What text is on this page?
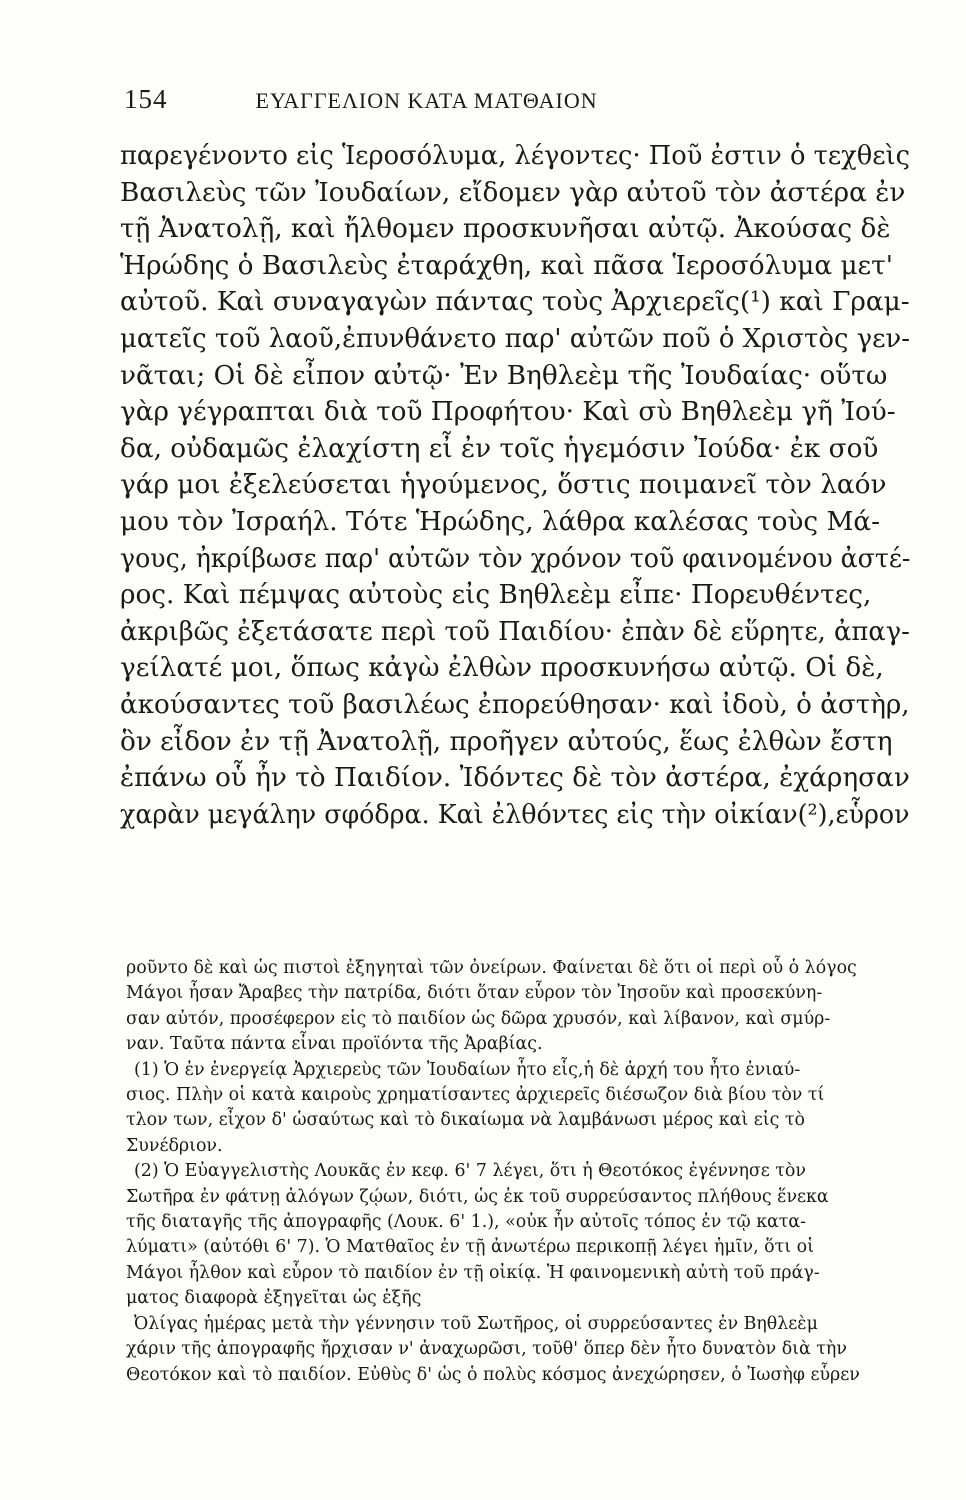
154	ΕΥΑΓΓΕΛΙΟΝ ΚΑΤΑ ΜΑΤΘΑΙΟΝ
παρεγένοντο εἰς Ἱεροσόλυμα, λέγοντες· Ποῦ ἐστιν ὁ τεχθεὶς
Βασιλεὺς τῶν Ἰουδαίων, εἴδομεν γὰρ αὐτοῦ τὸν ἀστέρα ἐν
τῇ Ἀνατολῇ, καὶ ἤλθομεν προσκυνῆσαι αὐτῷ. Ἀκούσας δὲ
Ἡρώδης ὁ Βασιλεὺς ἐταράχθη, καὶ πᾶσα Ἱεροσόλυμα μετ'
αὐτοῦ. Καὶ συναγαγὼν πάντας τοὺς Ἀρχιερεῖς(¹) καὶ Γραμ-
ματεῖς τοῦ λαοῦ,ἐπυνθάνετο παρ' αὐτῶν ποῦ ὁ Χριστὸς γεν-
νᾶται; Οἱ δὲ εἶπον αὐτῷ· Ἐν Βηθλεὲμ τῆς Ἰουδαίας· οὕτω
γὰρ γέγραπται διὰ τοῦ Προφήτου· Καὶ σὺ Βηθλεὲμ γῆ Ἰού-
δα, οὐδαμῶς ἐλαχίστη εἶ ἐν τοῖς ἡγεμόσιν Ἰούδα· ἐκ σοῦ
γάρ μοι ἐξελεύσεται ἡγούμενος, ὅστις ποιμανεῖ τὸν λαόν
μου τὸν Ἰσραήλ. Τότε Ἡρώδης, λάθρα καλέσας τοὺς Μά-
γους, ἠκρίβωσε παρ' αὐτῶν τὸν χρόνον τοῦ φαινομένου ἀστέ-
ρος. Καὶ πέμψας αὐτοὺς εἰς Βηθλεὲμ εἶπε· Πορευθέντες,
ἀκριβῶς ἐξετάσατε περὶ τοῦ Παιδίου· ἐπὰν δὲ εὕρητε, ἀπαγ-
γείλατέ μοι, ὅπως κἀγὼ ἐλθὼν προσκυνήσω αὐτῷ. Οἱ δὲ,
ἀκούσαντες τοῦ βασιλέως ἐπορεύθησαν· καὶ ἰδοὺ, ὁ ἀστὴρ,
ὃν εἶδον ἐν τῇ Ἀνατολῇ, προῆγεν αὐτούς, ἕως ἐλθὼν ἔστη
ἐπάνω οὗ ἦν τὸ Παιδίον. Ἰδόντες δὲ τὸν ἀστέρα, ἐχάρησαν
χαρὰν μεγάλην σφόδρα. Καὶ ἐλθόντες εἰς τὴν οἰκίαν(²),εὗρον
ροῦντο δὲ καὶ ὡς πιστοὶ ἐξηγηταὶ τῶν ὀνείρων. Φαίνεται δὲ ὅτι οἱ περὶ οὗ ὁ λόγος
Μάγοι ἦσαν Ἄραβες τὴν πατρίδα, διότι ὅταν εὗρον τὸν Ἰησοῦν καὶ προσεκύνη-
σαν αὐτόν, προσέφερον εἰς τὸ παιδίον ὡς δῶρα χρυσόν, καὶ λίβανον, καὶ σμύρ-
ναν. Ταῦτα πάντα εἶναι προϊόντα τῆς Ἀραβίας.
(1) Ὁ ἐν ἐνεργείᾳ Ἀρχιερεὺς τῶν Ἰουδαίων ἦτο εἷς,ἡ δὲ ἀρχή του ἦτο ἐνιαύ-
σιος. Πλὴν οἱ κατὰ καιροὺς χρηματίσαντες ἀρχιερεῖς διέσωζον διὰ βίου τὸν τί
τλον των, εἶχον δ' ὡσαύτως καὶ τὸ δικαίωμα νὰ λαμβάνωσι μέρος καὶ εἰς τὸ
Συνέδριον.
(2) Ὁ Εὐαγγελιστὴς Λουκᾶς ἐν κεφ. 6' 7 λέγει, ὅτι ἡ Θεοτόκος ἐγέννησε τὸν
Σωτῆρα ἐν φάτνῃ ἀλόγων ζῴων, διότι, ὡς ἐκ τοῦ συρρεύσαντος πλήθους ἕνεκα
τῆς διαταγῆς τῆς ἀπογραφῆς (Λουκ. 6' 1.), «οὐκ ἦν αὐτοῖς τόπος ἐν τῷ κατα-
λύματι» (αὐτόθι 6' 7). Ὁ Ματθαῖος ἐν τῇ ἀνωτέρω περικοπῇ λέγει ἡμῖν, ὅτι οἱ
Μάγοι ἦλθον καὶ εὗρον τὸ παιδίον ἐν τῇ οἰκίᾳ. Ἡ φαινομενικὴ αὐτὴ τοῦ πράγ-
ματος διαφορὰ ἐξηγεῖται ὡς ἑξῆς
Ὀλίγας ἡμέρας μετὰ τὴν γέννησιν τοῦ Σωτῆρος, οἱ συρρεύσαντες ἐν Βηθλεὲμ
χάριν τῆς ἀπογραφῆς ἤρχισαν ν' ἀναχωρῶσι, τοῦθ' ὅπερ δὲν ἦτο δυνατὸν διὰ τὴν
Θεοτόκον καὶ τὸ παιδίον. Εὐθὺς δ' ὡς ὁ πολὺς κόσμος ἀνεχώρησεν, ὁ Ἰωσὴφ εὗρεν
